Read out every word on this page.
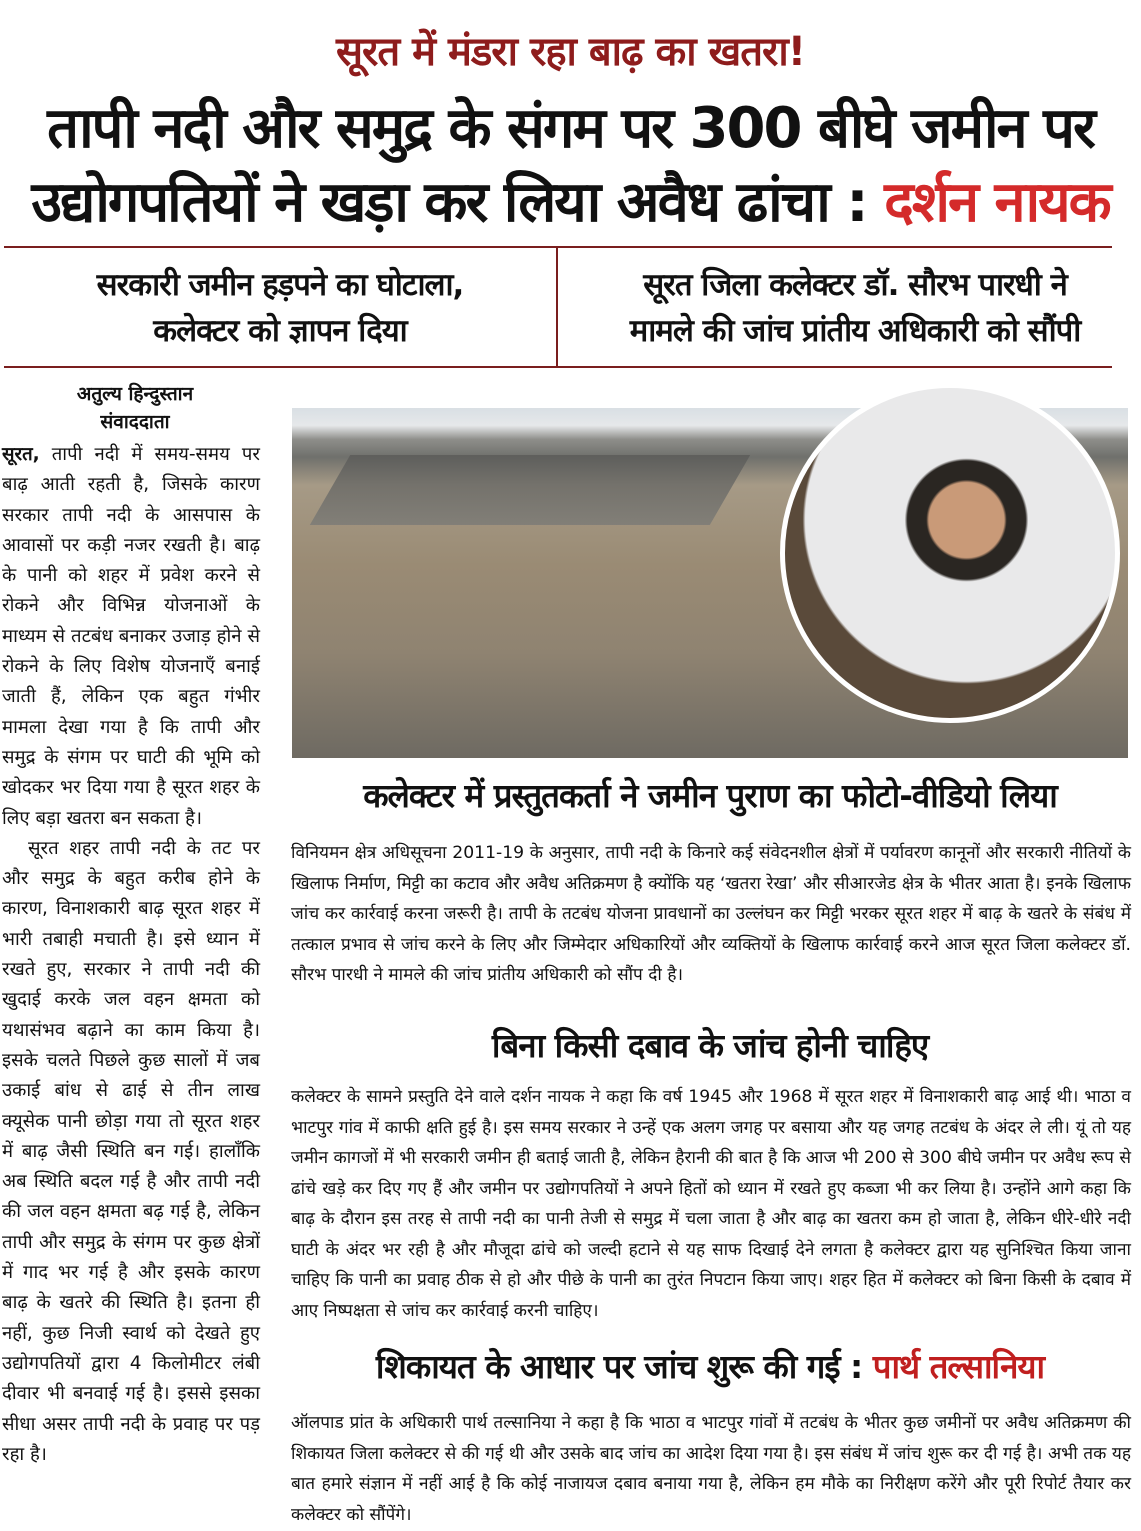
सूरत में मंडरा रहा बाढ़ का खतरा!
तापी नदी और समुद्र के संगम पर 300 बीघे जमीन पर
उद्योगपतियों ने खड़ा कर लिया अवैध ढांचा : दर्शन नायक
सरकारी जमीन हड़पने का घोटाला,
कलेक्टर को ज्ञापन दिया
सूरत जिला कलेक्टर डॉ. सौरभ पारधी ने
मामले की जांच प्रांतीय अधिकारी को सौंपी
अतुल्य हिन्दुस्तान
संवाददाता

सूरत, तापी नदी में समय-समय पर बाढ़ आती रहती है, जिसके कारण सरकार तापी नदी के आसपास के आवासों पर कड़ी नजर रखती है। बाढ़ के पानी को शहर में प्रवेश करने से रोकने और विभिन्न योजनाओं के माध्यम से तटबंध बनाकर उजाड़ होने से रोकने के लिए विशेष योजनाएँ बनाई जाती हैं, लेकिन एक बहुत गंभीर मामला देखा गया है कि तापी और समुद्र के संगम पर घाटी की भूमि को खोदकर भर दिया गया है सूरत शहर के लिए बड़ा खतरा बन सकता है।

सूरत शहर तापी नदी के तट पर और समुद्र के बहुत करीब होने के कारण, विनाशकारी बाढ़ सूरत शहर में भारी तबाही मचाती है। इसे ध्यान में रखते हुए, सरकार ने तापी नदी की खुदाई करके जल वहन क्षमता को यथासंभव बढ़ाने का काम किया है। इसके चलते पिछले कुछ सालों में जब उकाई बांध से ढाई से तीन लाख क्यूसेक पानी छोड़ा गया तो सूरत शहर में बाढ़ जैसी स्थिति बन गई। हालाँकि अब स्थिति बदल गई है और तापी नदी की जल वहन क्षमता बढ़ गई है, लेकिन तापी और समुद्र के संगम पर कुछ क्षेत्रों में गाद भर गई है और इसके कारण बाढ़ के खतरे की स्थिति है। इतना ही नहीं, कुछ निजी स्वार्थ को देखते हुए उद्योगपतियों द्वारा 4 किलोमीटर लंबी दीवार भी बनवाई गई है। इससे इसका सीधा असर तापी नदी के प्रवाह पर पड़ रहा है।

कलेक्टर में प्रस्तुतकर्ता ने जमीन पुराण का फोटो-वीडियो लिया

विनियमन क्षेत्र अधिसूचना 2011-19 के अनुसार, तापी नदी के किनारे कई संवेदनशील क्षेत्रों में पर्यावरण कानूनों और सरकारी नीतियों के खिलाफ निर्माण, मिट्टी का कटाव और अवैध अतिक्रमण है क्योंकि यह ‘खतरा रेखा’ और सीआरजेड क्षेत्र के भीतर आता है। इनके खिलाफ जांच कर कार्रवाई करना जरूरी है। तापी के तटबंध योजना प्रावधानों का उल्लंघन कर मिट्टी भरकर सूरत शहर में बाढ़ के खतरे के संबंध में तत्काल प्रभाव से जांच करने के लिए और जिम्मेदार अधिकारियों और व्यक्तियों के खिलाफ कार्रवाई करने आज सूरत जिला कलेक्टर डॉ. सौरभ पारधी ने मामले की जांच प्रांतीय अधिकारी को सौंप दी है।

बिना किसी दबाव के जांच होनी चाहिए

कलेक्टर के सामने प्रस्तुति देने वाले दर्शन नायक ने कहा कि वर्ष 1945 और 1968 में सूरत शहर में विनाशकारी बाढ़ आई थी। भाठा व भाटपुर गांव में काफी क्षति हुई है। इस समय सरकार ने उन्हें एक अलग जगह पर बसाया और यह जगह तटबंध के अंदर ले ली। यूं तो यह जमीन कागजों में भी सरकारी जमीन ही बताई जाती है, लेकिन हैरानी की बात है कि आज भी 200 से 300 बीघे जमीन पर अवैध रूप से ढांचे खड़े कर दिए गए हैं और जमीन पर उद्योगपतियों ने अपने हितों को ध्यान में रखते हुए कब्जा भी कर लिया है। उन्होंने आगे कहा कि बाढ़ के दौरान इस तरह से तापी नदी का पानी तेजी से समुद्र में चला जाता है और बाढ़ का खतरा कम हो जाता है, लेकिन धीरे-धीरे नदी घाटी के अंदर भर रही है और मौजूदा ढांचे को जल्दी हटाने से यह साफ दिखाई देने लगता है कलेक्टर द्वारा यह सुनिश्चित किया जाना चाहिए कि पानी का प्रवाह ठीक से हो और पीछे के पानी का तुरंत निपटान किया जाए। शहर हित में कलेक्टर को बिना किसी के दबाव में आए निष्पक्षता से जांच कर कार्रवाई करनी चाहिए।

शिकायत के आधार पर जांच शुरू की गई : पार्थ तल्सानिया

ऑलपाड प्रांत के अधिकारी पार्थ तल्सानिया ने कहा है कि भाठा व भाटपुर गांवों में तटबंध के भीतर कुछ जमीनों पर अवैध अतिक्रमण की शिकायत जिला कलेक्टर से की गई थी और उसके बाद जांच का आदेश दिया गया है। इस संबंध में जांच शुरू कर दी गई है। अभी तक यह बात हमारे संज्ञान में नहीं आई है कि कोई नाजायज दबाव बनाया गया है, लेकिन हम मौके का निरीक्षण करेंगे और पूरी रिपोर्ट तैयार कर कलेक्टर को सौंपेंगे।
